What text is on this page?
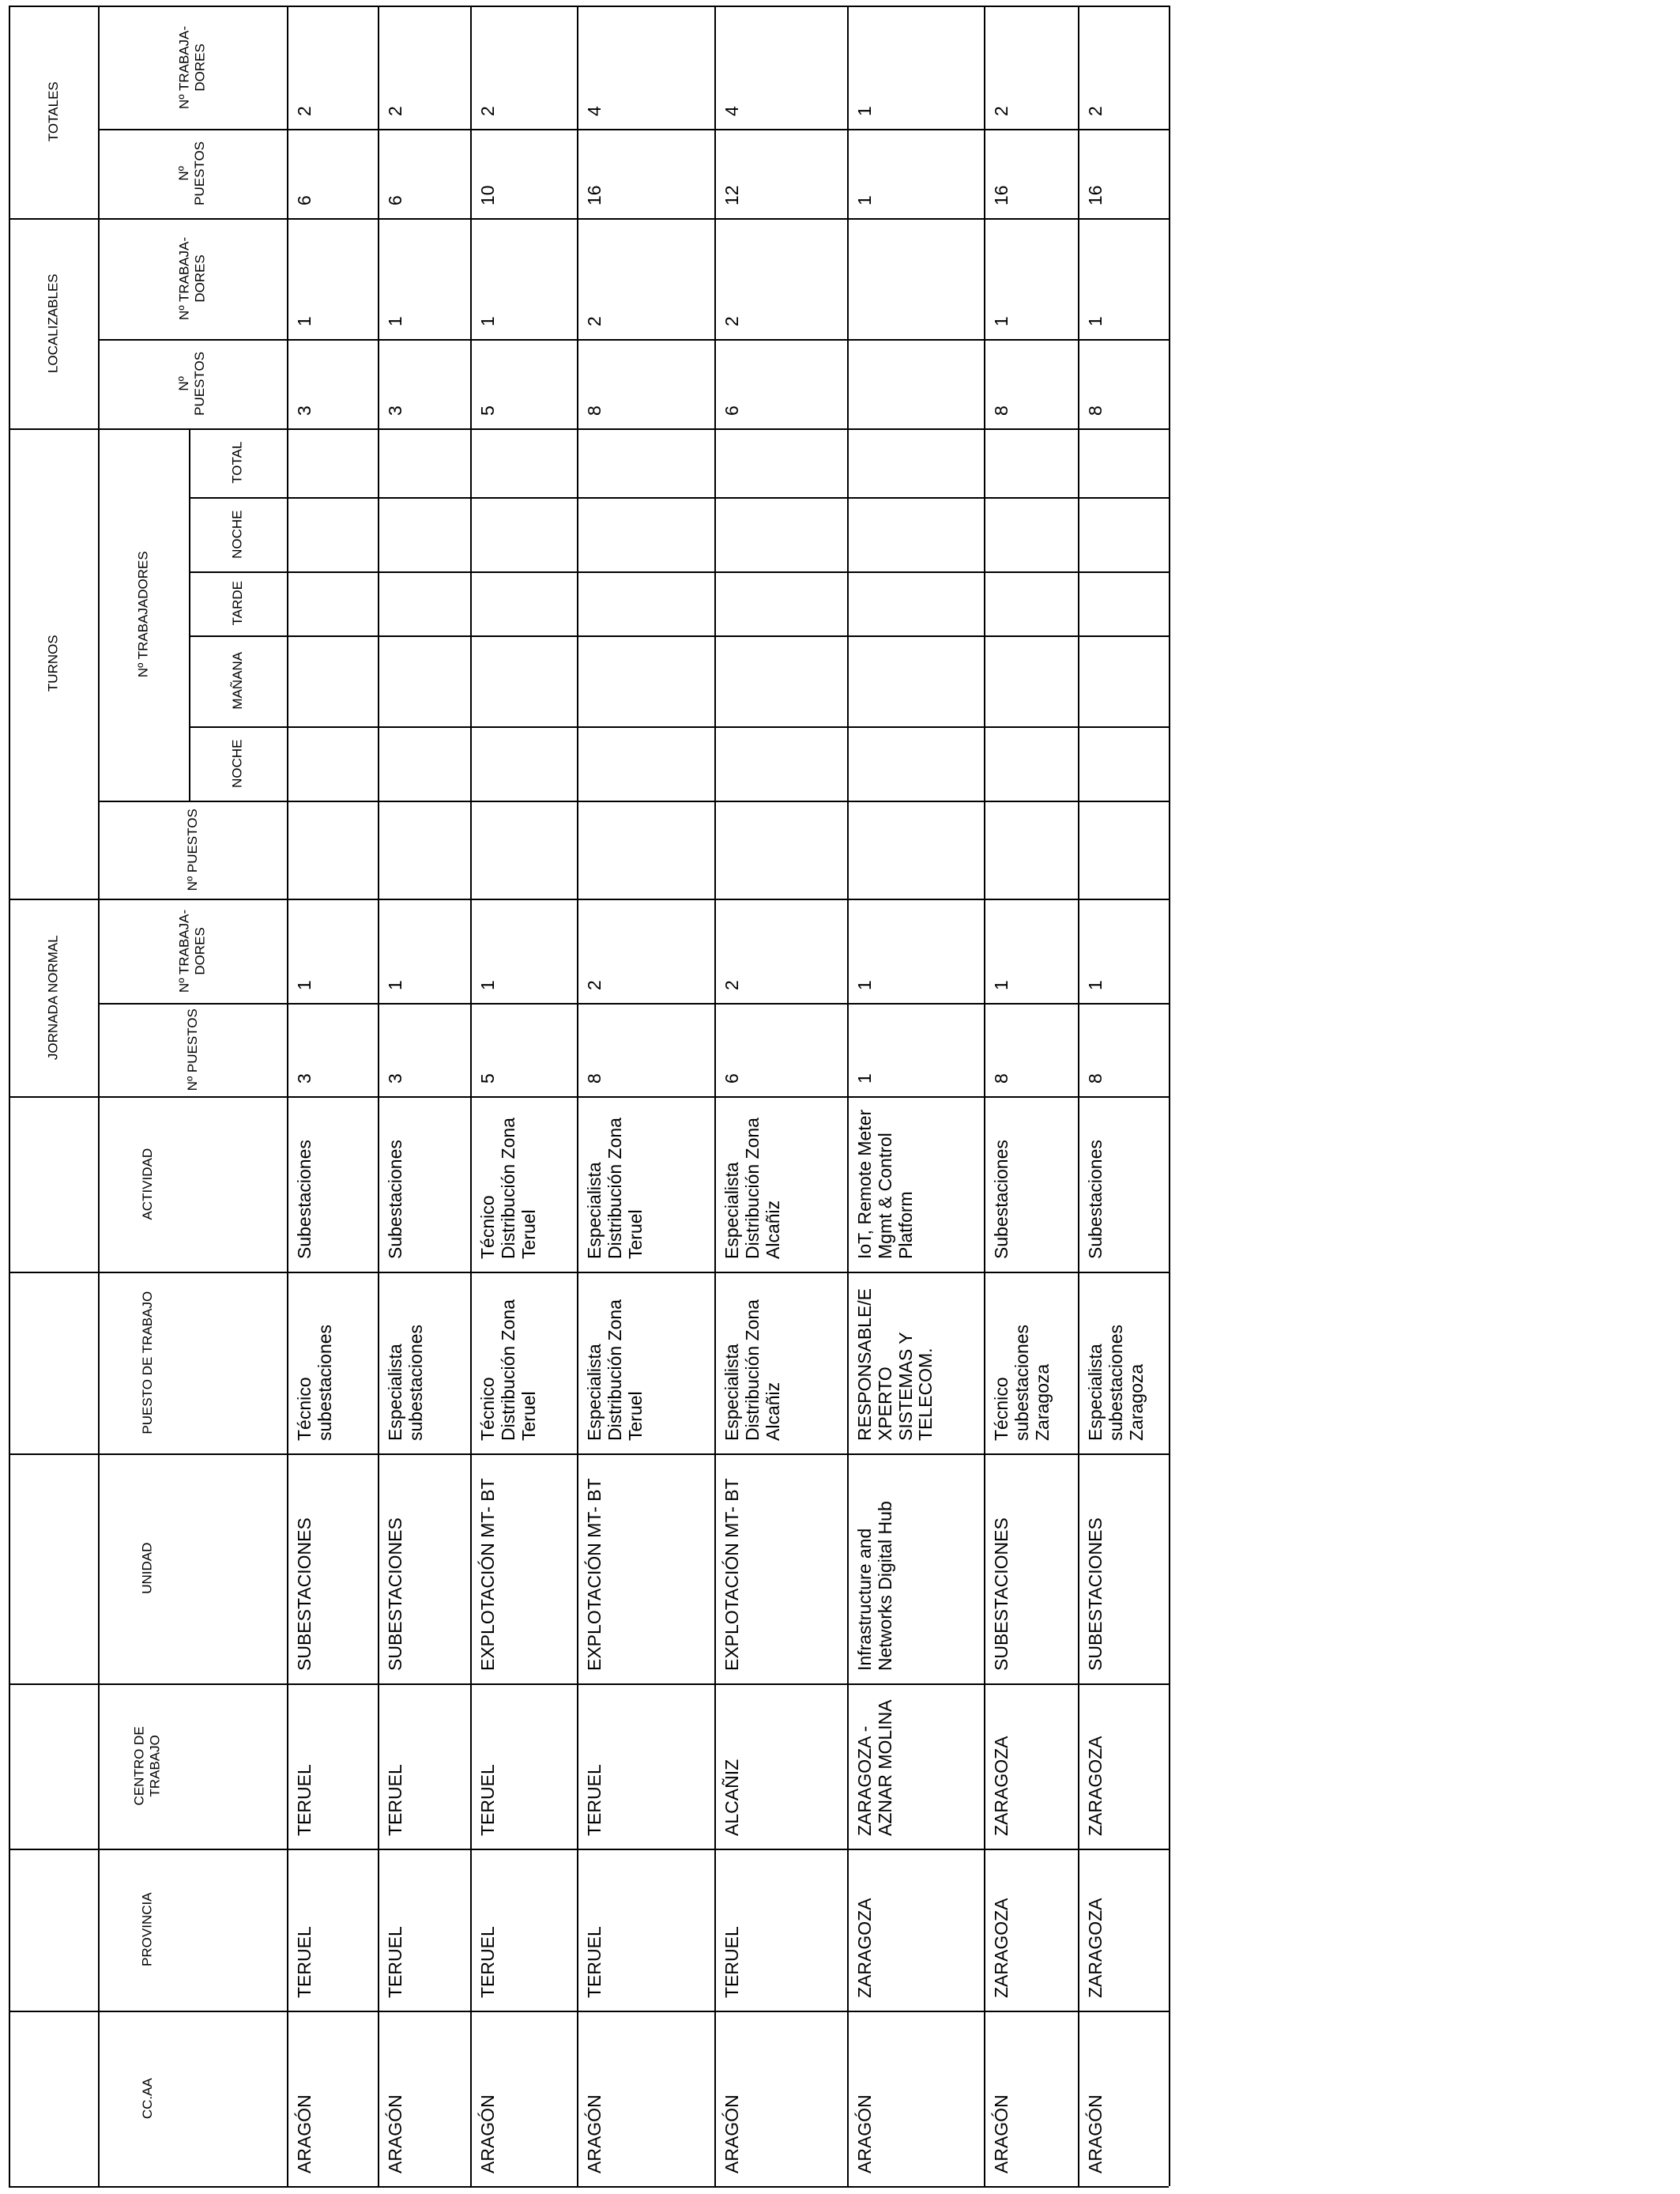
TOTALES
LOCALIZABLES
TURNOS
JORNADA NORMAL
Nº TRABAJA- DORES
Nº PUESTOS
Nº TRABAJA- DORES
Nº PUESTOS
Nº TRABAJADORES
TOTAL
NOCHE
TARDE
MAÑANA
NOCHE
Nº PUESTOS
Nº TRABAJA- DORES
Nº PUESTOS
ACTIVIDAD
PUESTO DE TRABAJO
UNIDAD
CENTRO DE TRABAJO
PROVINCIA
CC.AA	ARAGÓN
TERUEL
TERUEL
SUBESTACIONES
Técnico subestaciones
Subestaciones
3
1
3
1
6
2
ARAGÓN
TERUEL
TERUEL
SUBESTACIONES
Especialista subestaciones
Subestaciones
3
1
3
1
6
2
ARAGÓN
TERUEL
TERUEL
EXPLOTACIÓN MT- BT
Técnico Distribución Zona Teruel
Técnico Distribución Zona Teruel
5
1
5
1
10
2
ARAGÓN
TERUEL
TERUEL
EXPLOTACIÓN MT- BT
Especialista Distribución Zona Teruel
Especialista Distribución Zona Teruel
8
2
8
2
16
4
ARAGÓN
TERUEL
ALCAÑIZ
EXPLOTACIÓN MT- BT
Especialista Distribución Zona Alcañiz
Especialista Distribución Zona Alcañiz
6
2
6
2
12
4
ARAGÓN
ZARAGOZA
ZARAGOZA - AZNAR MOLINA
Infrastructure and Networks Digital Hub
RESPONSABLE/E XPERTO SISTEMAS Y TELECOM.
IoT, Remote Meter Mgmt & Control Platform
1
1
1
1
ARAGÓN
ZARAGOZA
ZARAGOZA
SUBESTACIONES
Técnico subestaciones Zaragoza
Subestaciones
8
1
8
1
16
2
ARAGÓN
ZARAGOZA
ZARAGOZA
SUBESTACIONES
Especialista subestaciones Zaragoza
Subestaciones
8
1
8
1
16
2
